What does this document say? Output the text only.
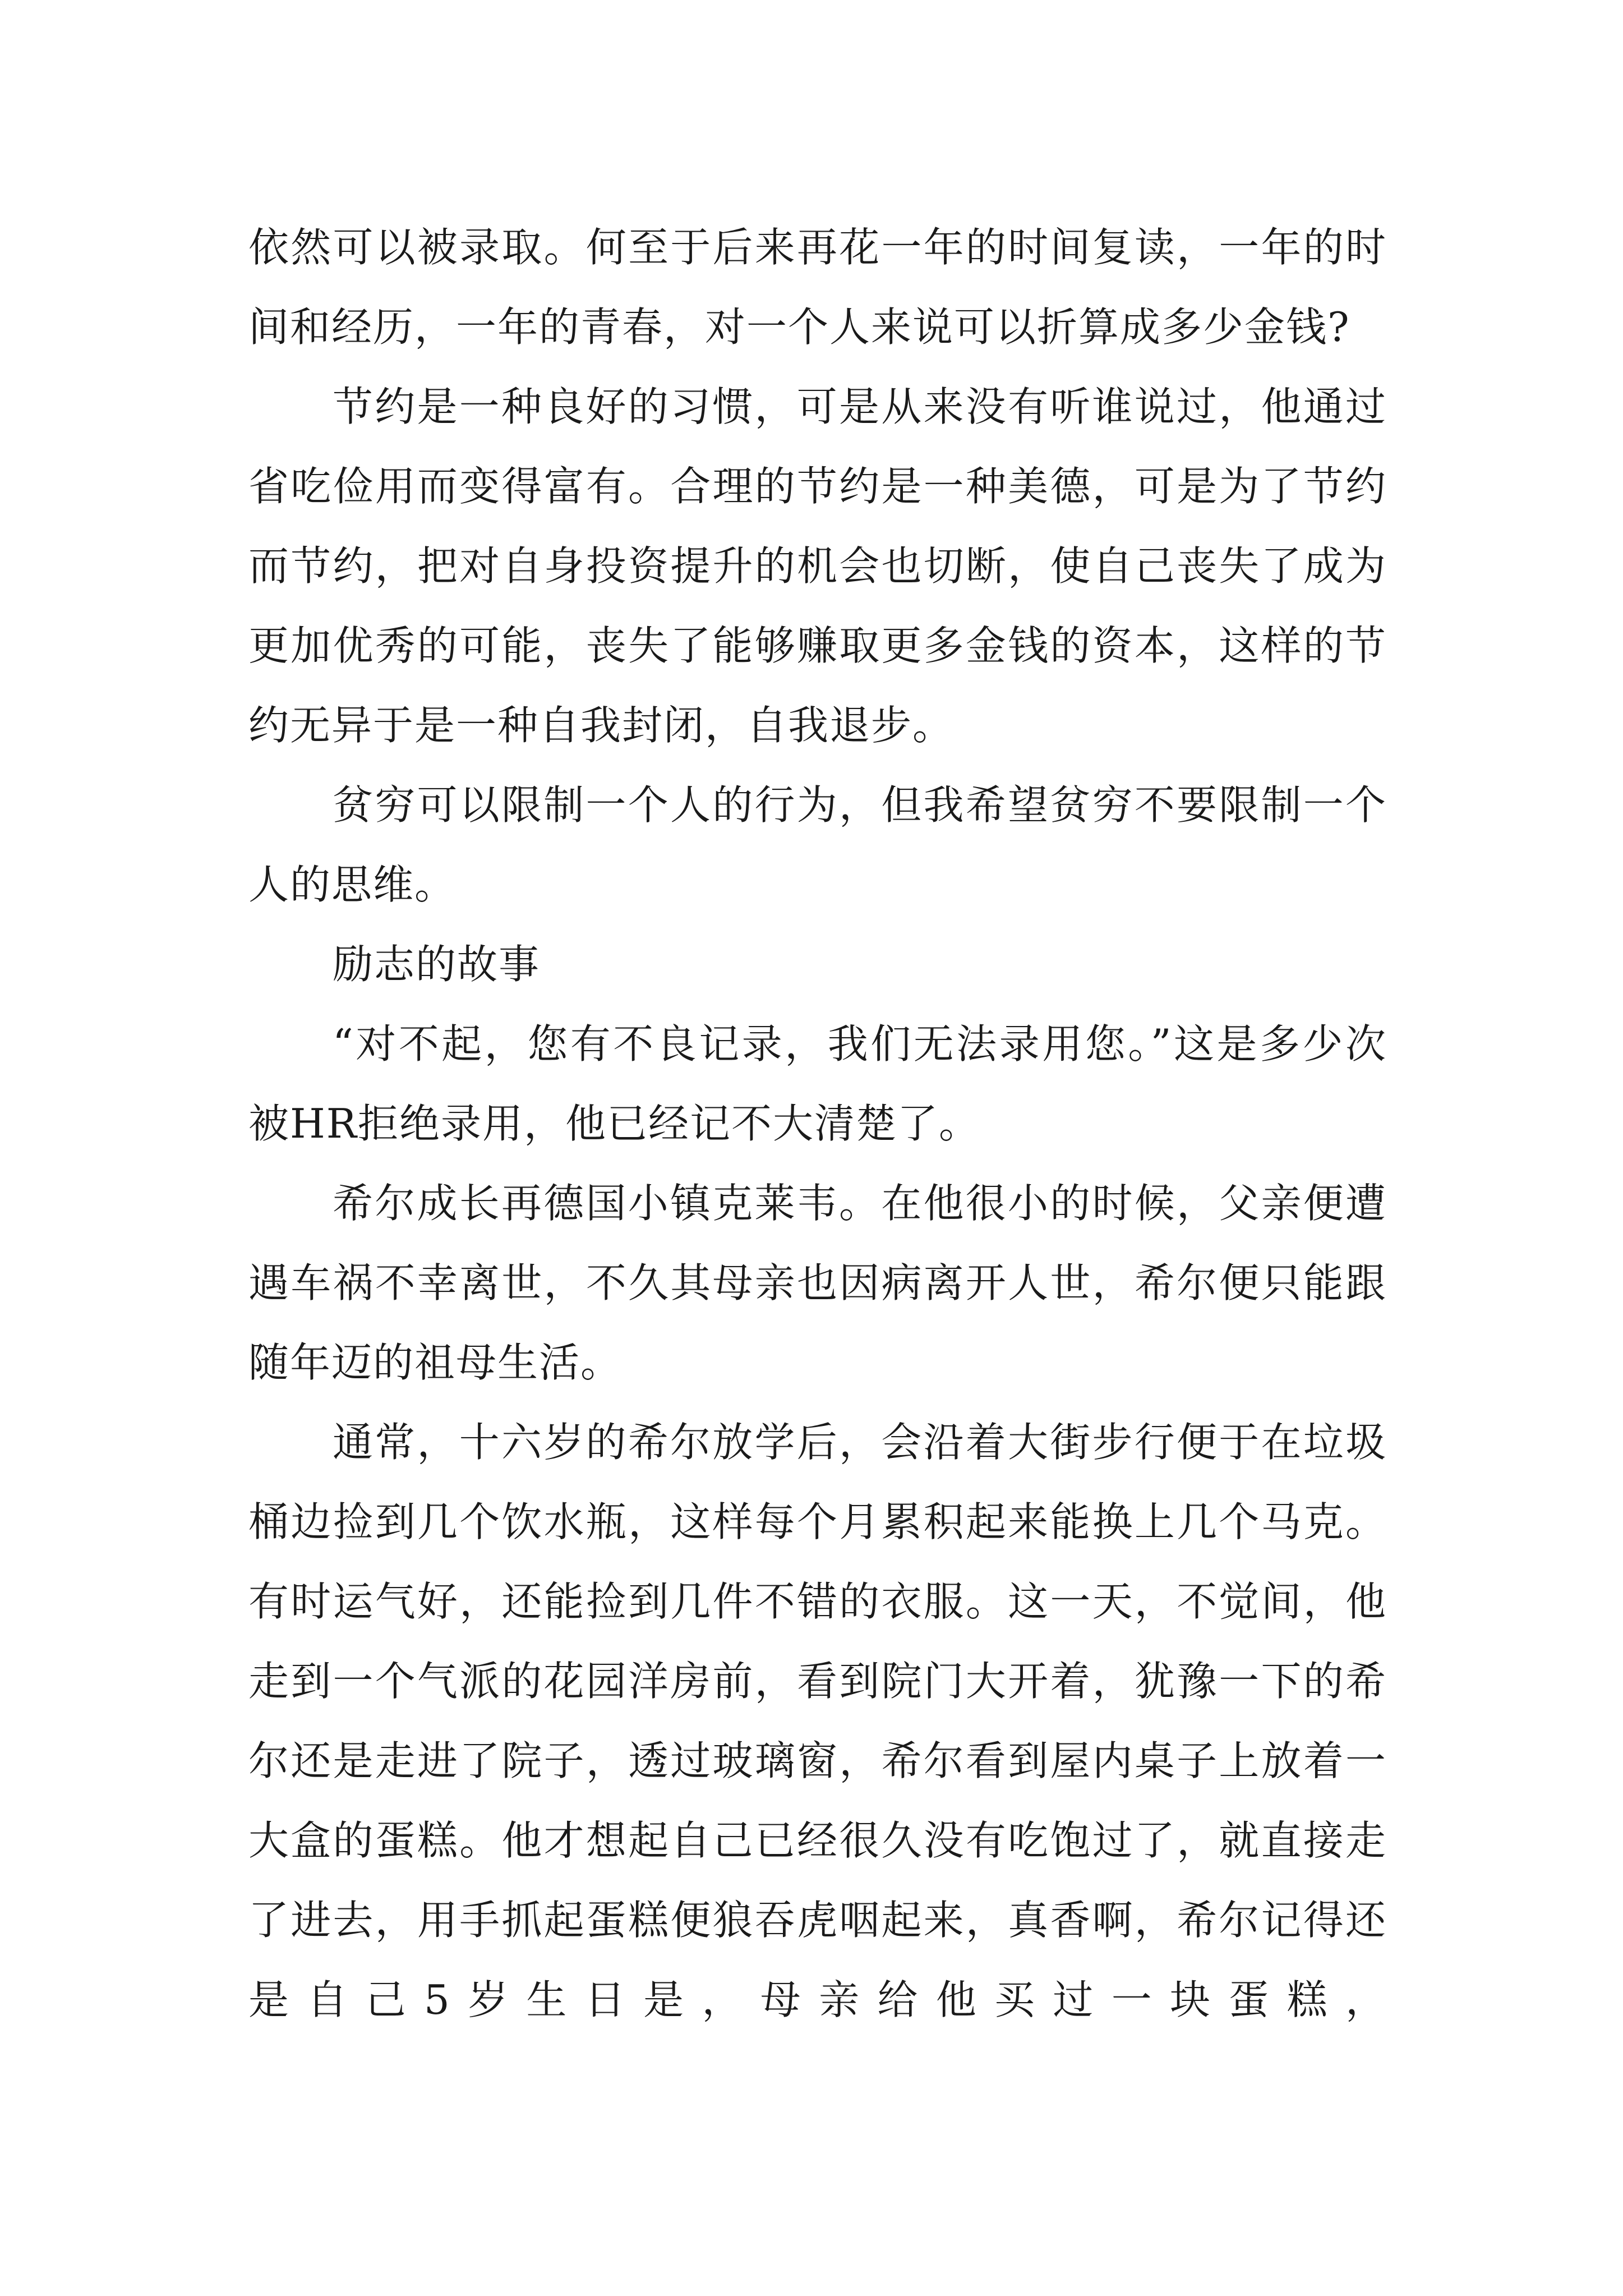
依然可以被录取。何至于后来再花一年的时间复读，一年的时间和经历，一年的青春，对一个人来说可以折算成多少金钱?

节约是一种良好的习惯，可是从来没有听谁说过，他通过省吃俭用而变得富有。合理的节约是一种美德，可是为了节约而节约，把对自身投资提升的机会也切断，使自己丧失了成为更加优秀的可能，丧失了能够赚取更多金钱的资本，这样的节约无异于是一种自我封闭，自我退步。

贫穷可以限制一个人的行为，但我希望贫穷不要限制一个人的思维。

励志的故事

“对不起，您有不良记录，我们无法录用您。”这是多少次被HR拒绝录用，他已经记不大清楚了。

希尔成长再德国小镇克莱韦。在他很小的时候，父亲便遭遇车祸不幸离世，不久其母亲也因病离开人世，希尔便只能跟随年迈的祖母生活。

通常，十六岁的希尔放学后，会沿着大街步行便于在垃圾桶边捡到几个饮水瓶，这样每个月累积起来能换上几个马克。有时运气好，还能捡到几件不错的衣服。这一天，不觉间，他走到一个气派的花园洋房前，看到院门大开着，犹豫一下的希尔还是走进了院子，透过玻璃窗，希尔看到屋内桌子上放着一大盒的蛋糕。他才想起自己已经很久没有吃饱过了，就直接走了进去，用手抓起蛋糕便狼吞虎咽起来，真香啊，希尔记得还是自己5岁生日是，母亲给他买过一块蛋糕，
